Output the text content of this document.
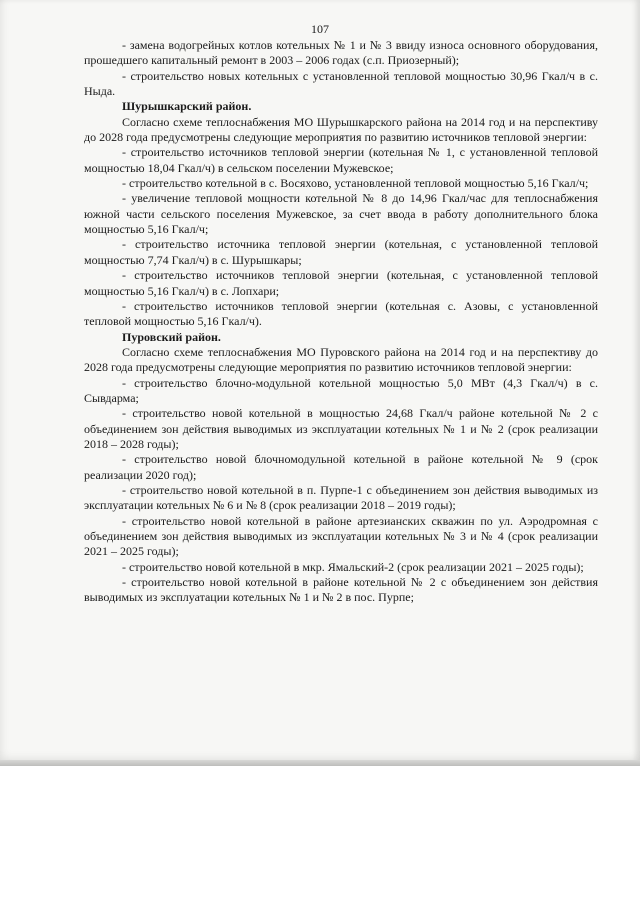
107

- замена водогрейных котлов котельных № 1 и № 3 ввиду износа основного оборудования, прошедшего капитальный ремонт в 2003 – 2006 годах (с.п. Приозерный);

- строительство новых котельных с установленной тепловой мощностью 30,96 Гкал/ч в с. Ныда.

Шурышкарский район.

Согласно схеме теплоснабжения МО Шурышкарского района на 2014 год и на перспективу до 2028 года предусмотрены следующие мероприятия по развитию источников тепловой энергии:

- строительство источников тепловой энергии (котельная № 1, с установленной тепловой мощностью 18,04 Гкал/ч) в сельском поселении Мужевское;

- строительство котельной в с. Восяхово, установленной тепловой мощностью 5,16 Гкал/ч;

- увеличение тепловой мощности котельной № 8 до 14,96 Гкал/час для теплоснабжения южной части сельского поселения Мужевское, за счет ввода в работу дополнительного блока мощностью 5,16 Гкал/ч;

- строительство источника тепловой энергии (котельная, с установленной тепловой мощностью 7,74 Гкал/ч) в с. Шурышкары;

- строительство источников тепловой энергии (котельная, с установленной тепловой мощностью 5,16 Гкал/ч) в с. Лопхари;

- строительство источников тепловой энергии (котельная с. Азовы, с установленной тепловой мощностью 5,16 Гкал/ч).

Пуровский район.

Согласно схеме теплоснабжения МО Пуровского района на 2014 год и на перспективу до 2028 года предусмотрены следующие мероприятия по развитию источников тепловой энергии:

- строительство блочно-модульной котельной мощностью 5,0 МВт (4,3 Гкал/ч) в с. Сывдарма;

- строительство новой котельной в мощностью 24,68 Гкал/ч районе котельной № 2 с объединением зон действия выводимых из эксплуатации котельных № 1 и № 2 (срок реализации 2018 – 2028 годы);

- строительство новой блочномодульной котельной в районе котельной № 9 (срок реализации 2020 год);

- строительство новой котельной в п. Пурпе-1 с объединением зон действия выводимых из эксплуатации котельных № 6 и № 8 (срок реализации 2018 – 2019 годы);

- строительство новой котельной в районе артезианских скважин по ул. Аэродромная с объединением зон действия выводимых из эксплуатации котельных № 3 и № 4 (срок реализации 2021 – 2025 годы);

- строительство новой котельной в мкр. Ямальский-2 (срок реализации 2021 – 2025 годы);

- строительство новой котельной в районе котельной № 2 с объединением зон действия выводимых из эксплуатации котельных № 1 и № 2 в пос. Пурпе;
